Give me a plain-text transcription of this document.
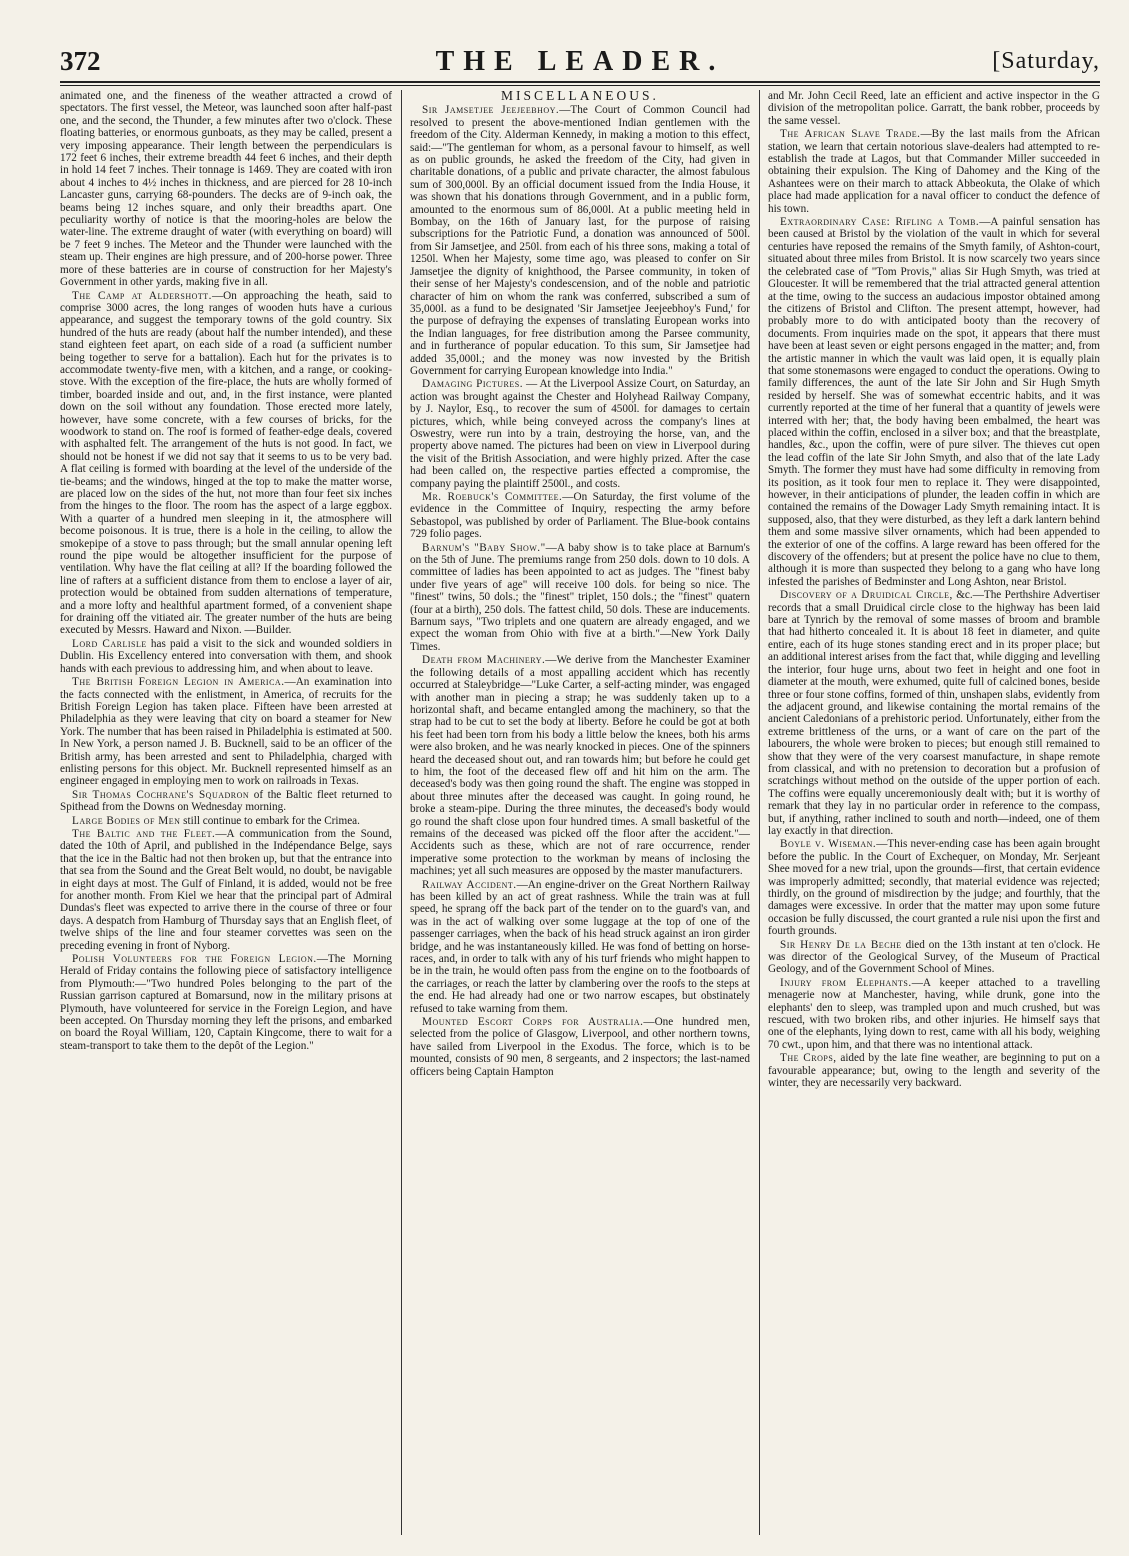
372	THE LEADER.	[Saturday,

animated one, and the fineness of the weather attracted a crowd of spectators. The first vessel, the Meteor, was launched soon after half-past one, and the second, the Thunder, a few minutes after two o'clock. These floating batteries, or enormous gunboats, as they may be called, present a very imposing appearance. Their length between the perpendiculars is 172 feet 6 inches, their extreme breadth 44 feet 6 inches, and their depth in hold 14 feet 7 inches. Their tonnage is 1469. They are coated with iron about 4 inches to 4½ inches in thickness, and are pierced for 28 10-inch Lancaster guns, carrying 68-pounders. The decks are of 9-inch oak, the beams being 12 inches square, and only their breadths apart. One peculiarity worthy of notice is that the mooring-holes are below the water-line. The extreme draught of water (with everything on board) will be 7 feet 9 inches. The Meteor and the Thunder were launched with the steam up. Their engines are high pressure, and of 200-horse power. Three more of these batteries are in course of construction for her Majesty's Government in other yards, making five in all.

The Camp at Aldershott.—On approaching the heath, said to comprise 3000 acres, the long ranges of wooden huts have a curious appearance, and suggest the temporary towns of the gold country. Six hundred of the huts are ready (about half the number intended), and these stand eighteen feet apart, on each side of a road (a sufficient number being together to serve for a battalion). Each hut for the privates is to accommodate twenty-five men, with a kitchen, and a range, or cooking-stove. With the exception of the fire-place, the huts are wholly formed of timber, boarded inside and out, and, in the first instance, were planted down on the soil without any foundation. Those erected more lately, however, have some concrete, with a few courses of bricks, for the woodwork to stand on. The roof is formed of feather-edge deals, covered with asphalted felt. The arrangement of the huts is not good. In fact, we should not be honest if we did not say that it seems to us to be very bad. A flat ceiling is formed with boarding at the level of the underside of the tie-beams; and the windows, hinged at the top to make the matter worse, are placed low on the sides of the hut, not more than four feet six inches from the hinges to the floor. The room has the aspect of a large eggbox. With a quarter of a hundred men sleeping in it, the atmosphere will become poisonous. It is true, there is a hole in the ceiling, to allow the smokepipe of a stove to pass through; but the small annular opening left round the pipe would be altogether insufficient for the purpose of ventilation. Why have the flat ceiling at all? If the boarding followed the line of rafters at a sufficient distance from them to enclose a layer of air, protection would be obtained from sudden alternations of temperature, and a more lofty and healthful apartment formed, of a convenient shape for draining off the vitiated air. The greater number of the huts are being executed by Messrs. Haward and Nixon. —Builder.

Lord Carlisle has paid a visit to the sick and wounded soldiers in Dublin. His Excellency entered into conversation with them, and shook hands with each previous to addressing him, and when about to leave.

The British Foreign Legion in America.—An examination into the facts connected with the enlistment, in America, of recruits for the British Foreign Legion has taken place. Fifteen have been arrested at Philadelphia as they were leaving that city on board a steamer for New York. The number that has been raised in Philadelphia is estimated at 500. In New York, a person named J. B. Bucknell, said to be an officer of the British army, has been arrested and sent to Philadelphia, charged with enlisting persons for this object. Mr. Bucknell represented himself as an engineer engaged in employing men to work on railroads in Texas.

Sir Thomas Cochrane's Squadron of the Baltic fleet returned to Spithead from the Downs on Wednesday morning.

Large Bodies of Men still continue to embark for the Crimea.

The Baltic and the Fleet.—A communication from the Sound, dated the 10th of April, and published in the Indépendance Belge, says that the ice in the Baltic had not then broken up, but that the entrance into that sea from the Sound and the Great Belt would, no doubt, be navigable in eight days at most. The Gulf of Finland, it is added, would not be free for another month. From Kiel we hear that the principal part of Admiral Dundas's fleet was expected to arrive there in the course of three or four days. A despatch from Hamburg of Thursday says that an English fleet, of twelve ships of the line and four steamer corvettes was seen on the preceding evening in front of Nyborg.

Polish Volunteers for the Foreign Legion.—The Morning Herald of Friday contains the following piece of satisfactory intelligence from Plymouth:—"Two hundred Poles belonging to the part of the Russian garrison captured at Bomarsund, now in the military prisons at Plymouth, have volunteered for service in the Foreign Legion, and have been accepted. On Thursday morning they left the prisons, and embarked on board the Royal William, 120, Captain Kingcome, there to wait for a steam-transport to take them to the depôt of the Legion."

MISCELLANEOUS.

Sir Jamsetjee Jeejeebhoy.—The Court of Common Council had resolved to present the above-mentioned Indian gentlemen with the freedom of the City. Alderman Kennedy, in making a motion to this effect, said:—"The gentleman for whom, as a personal favour to himself, as well as on public grounds, he asked the freedom of the City, had given in charitable donations, of a public and private character, the almost fabulous sum of 300,000l. By an official document issued from the India House, it was shown that his donations through Government, and in a public form, amounted to the enormous sum of 86,000l. At a public meeting held in Bombay, on the 16th of January last, for the purpose of raising subscriptions for the Patriotic Fund, a donation was announced of 500l. from Sir Jamsetjee, and 250l. from each of his three sons, making a total of 1250l. When her Majesty, some time ago, was pleased to confer on Sir Jamsetjee the dignity of knighthood, the Parsee community, in token of their sense of her Majesty's condescension, and of the noble and patriotic character of him on whom the rank was conferred, subscribed a sum of 35,000l. as a fund to be designated 'Sir Jamsetjee Jeejeebhoy's Fund,' for the purpose of defraying the expenses of translating European works into the Indian languages, for free distribution among the Parsee community, and in furtherance of popular education. To this sum, Sir Jamsetjee had added 35,000l.; and the money was now invested by the British Government for carrying European knowledge into India."

Damaging Pictures. — At the Liverpool Assize Court, on Saturday, an action was brought against the Chester and Holyhead Railway Company, by J. Naylor, Esq., to recover the sum of 4500l. for damages to certain pictures, which, while being conveyed across the company's lines at Oswestry, were run into by a train, destroying the horse, van, and the property above named. The pictures had been on view in Liverpool during the visit of the British Association, and were highly prized. After the case had been called on, the respective parties effected a compromise, the company paying the plaintiff 2500l., and costs.

Mr. Roebuck's Committee.—On Saturday, the first volume of the evidence in the Committee of Inquiry, respecting the army before Sebastopol, was published by order of Parliament. The Blue-book contains 729 folio pages.

Barnum's "Baby Show."—A baby show is to take place at Barnum's on the 5th of June. The premiums range from 250 dols. down to 10 dols. A committee of ladies has been appointed to act as judges. The "finest baby under five years of age" will receive 100 dols. for being so nice. The "finest" twins, 50 dols.; the "finest" triplet, 150 dols.; the "finest" quatern (four at a birth), 250 dols. The fattest child, 50 dols. These are inducements. Barnum says, "Two triplets and one quatern are already engaged, and we expect the woman from Ohio with five at a birth."—New York Daily Times.

Death from Machinery.—We derive from the Manchester Examiner the following details of a most appalling accident which has recently occurred at Staleybridge—"Luke Carter, a self-acting minder, was engaged with another man in piecing a strap; he was suddenly taken up to a horizontal shaft, and became entangled among the machinery, so that the strap had to be cut to set the body at liberty. Before he could be got at both his feet had been torn from his body a little below the knees, both his arms were also broken, and he was nearly knocked in pieces. One of the spinners heard the deceased shout out, and ran towards him; but before he could get to him, the foot of the deceased flew off and hit him on the arm. The deceased's body was then going round the shaft. The engine was stopped in about three minutes after the deceased was caught. In going round, he broke a steam-pipe. During the three minutes, the deceased's body would go round the shaft close upon four hundred times. A small basketful of the remains of the deceased was picked off the floor after the accident."—Accidents such as these, which are not of rare occurrence, render imperative some protection to the workman by means of inclosing the machines; yet all such measures are opposed by the master manufacturers.

Railway Accident.—An engine-driver on the Great Northern Railway has been killed by an act of great rashness. While the train was at full speed, he sprang off the back part of the tender on to the guard's van, and was in the act of walking over some luggage at the top of one of the passenger carriages, when the back of his head struck against an iron girder bridge, and he was instantaneously killed. He was fond of betting on horse-races, and, in order to talk with any of his turf friends who might happen to be in the train, he would often pass from the engine on to the footboards of the carriages, or reach the latter by clambering over the roofs to the steps at the end. He had already had one or two narrow escapes, but obstinately refused to take warning from them.

Mounted Escort Corps for Australia.—One hundred men, selected from the police of Glasgow, Liverpool, and other northern towns, have sailed from Liverpool in the Exodus. The force, which is to be mounted, consists of 90 men, 8 sergeants, and 2 inspectors; the last-named officers being Captain Hampton

and Mr. John Cecil Reed, late an efficient and active inspector in the G division of the metropolitan police. Garratt, the bank robber, proceeds by the same vessel.

The African Slave Trade.—By the last mails from the African station, we learn that certain notorious slave-dealers had attempted to re-establish the trade at Lagos, but that Commander Miller succeeded in obtaining their expulsion. The King of Dahomey and the King of the Ashantees were on their march to attack Abbeokuta, the Olake of which place had made application for a naval officer to conduct the defence of his town.

Extraordinary Case: Rifling a Tomb.—A painful sensation has been caused at Bristol by the violation of the vault in which for several centuries have reposed the remains of the Smyth family, of Ashton-court, situated about three miles from Bristol. It is now scarcely two years since the celebrated case of "Tom Provis," alias Sir Hugh Smyth, was tried at Gloucester. It will be remembered that the trial attracted general attention at the time, owing to the success an audacious impostor obtained among the citizens of Bristol and Clifton. The present attempt, however, had probably more to do with anticipated booty than the recovery of documents. From inquiries made on the spot, it appears that there must have been at least seven or eight persons engaged in the matter; and, from the artistic manner in which the vault was laid open, it is equally plain that some stonemasons were engaged to conduct the operations. Owing to family differences, the aunt of the late Sir John and Sir Hugh Smyth resided by herself. She was of somewhat eccentric habits, and it was currently reported at the time of her funeral that a quantity of jewels were interred with her; that, the body having been embalmed, the heart was placed within the coffin, enclosed in a silver box; and that the breastplate, handles, &c., upon the coffin, were of pure silver. The thieves cut open the lead coffin of the late Sir John Smyth, and also that of the late Lady Smyth. The former they must have had some difficulty in removing from its position, as it took four men to replace it. They were disappointed, however, in their anticipations of plunder, the leaden coffin in which are contained the remains of the Dowager Lady Smyth remaining intact. It is supposed, also, that they were disturbed, as they left a dark lantern behind them and some massive silver ornaments, which had been appended to the exterior of one of the coffins. A large reward has been offered for the discovery of the offenders; but at present the police have no clue to them, although it is more than suspected they belong to a gang who have long infested the parishes of Bedminster and Long Ashton, near Bristol.

Discovery of a Druidical Circle, &c.—The Perthshire Advertiser records that a small Druidical circle close to the highway has been laid bare at Tynrich by the removal of some masses of broom and bramble that had hitherto concealed it. It is about 18 feet in diameter, and quite entire, each of its huge stones standing erect and in its proper place; but an additional interest arises from the fact that, while digging and levelling the interior, four huge urns, about two feet in height and one foot in diameter at the mouth, were exhumed, quite full of calcined bones, beside three or four stone coffins, formed of thin, unshapen slabs, evidently from the adjacent ground, and likewise containing the mortal remains of the ancient Caledonians of a prehistoric period. Unfortunately, either from the extreme brittleness of the urns, or a want of care on the part of the labourers, the whole were broken to pieces; but enough still remained to show that they were of the very coarsest manufacture, in shape remote from classical, and with no pretension to decoration but a profusion of scratchings without method on the outside of the upper portion of each. The coffins were equally unceremoniously dealt with; but it is worthy of remark that they lay in no particular order in reference to the compass, but, if anything, rather inclined to south and north—indeed, one of them lay exactly in that direction.

Boyle v. Wiseman.—This never-ending case has been again brought before the public. In the Court of Exchequer, on Monday, Mr. Serjeant Shee moved for a new trial, upon the grounds—first, that certain evidence was improperly admitted; secondly, that material evidence was rejected; thirdly, on the ground of misdirection by the judge; and fourthly, that the damages were excessive. In order that the matter may upon some future occasion be fully discussed, the court granted a rule nisi upon the first and fourth grounds.

Sir Henry De la Beche died on the 13th instant at ten o'clock. He was director of the Geological Survey, of the Museum of Practical Geology, and of the Government School of Mines.

Injury from Elephants.—A keeper attached to a travelling menagerie now at Manchester, having, while drunk, gone into the elephants' den to sleep, was trampled upon and much crushed, but was rescued, with two broken ribs, and other injuries. He himself says that one of the elephants, lying down to rest, came with all his body, weighing 70 cwt., upon him, and that there was no intentional attack.

The Crops, aided by the late fine weather, are beginning to put on a favourable appearance; but, owing to the length and severity of the winter, they are necessarily very backward.
